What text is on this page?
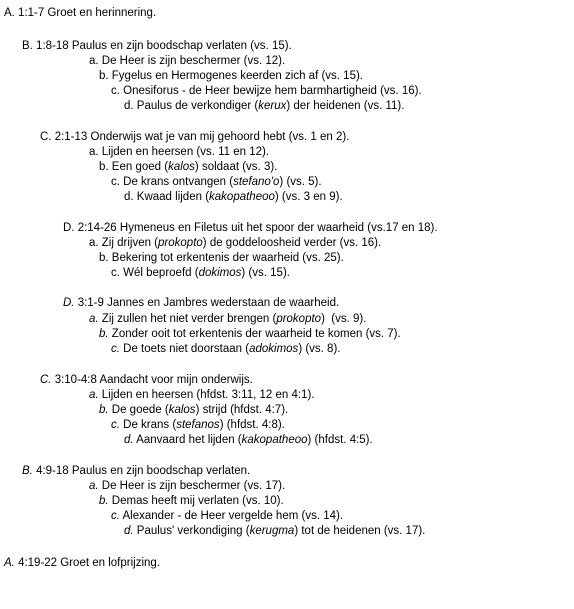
A. 1:1-7 Groet en herinnering.
B. 1:8-18 Paulus en zijn boodschap verlaten (vs. 15).
a. De Heer is zijn beschermer (vs. 12).
b. Fygelus en Hermogenes keerden zich af (vs. 15).
c. Onesiforus - de Heer bewijze hem barmhartigheid (vs. 16).
d. Paulus de verkondiger (kerux) der heidenen (vs. 11).
C. 2:1-13 Onderwijs wat je van mij gehoord hebt (vs. 1 en 2).
a. Lijden en heersen (vs. 11 en 12).
b. Een goed (kalos) soldaat (vs. 3).
c. De krans ontvangen (stefano'o) (vs. 5).
d. Kwaad lijden (kakopatheoo) (vs. 3 en 9).
D. 2:14-26 Hymeneus en Filetus uit het spoor der waarheid (vs.17 en 18).
a. Zij drijven (prokopto) de goddeloosheid verder (vs. 16).
b. Bekering tot erkentenis der waarheid (vs. 25).
c. Wél beproefd (dokimos) (vs. 15).
D. 3:1-9 Jannes en Jambres wederstaan de waarheid.
a. Zij zullen het niet verder brengen (prokopto)  (vs. 9).
b. Zonder ooit tot erkentenis der waarheid te komen (vs. 7).
c. De toets niet doorstaan (adokimos) (vs. 8).
C. 3:10-4:8 Aandacht voor mijn onderwijs.
a. Lijden en heersen (hfdst. 3:11, 12 en 4:1).
b. De goede (kalos) strijd (hfdst. 4:7).
c. De krans (stefanos) (hfdst. 4:8).
d. Aanvaard het lijden (kakopatheoo) (hfdst. 4:5).
B. 4:9-18 Paulus en zijn boodschap verlaten.
a. De Heer is zijn beschermer (vs. 17).
b. Demas heeft mij verlaten (vs. 10).
c. Alexander - de Heer vergelde hem (vs. 14).
d. Paulus' verkondiging (kerugma) tot de heidenen (vs. 17).
A. 4:19-22 Groet en lofprijzing.
